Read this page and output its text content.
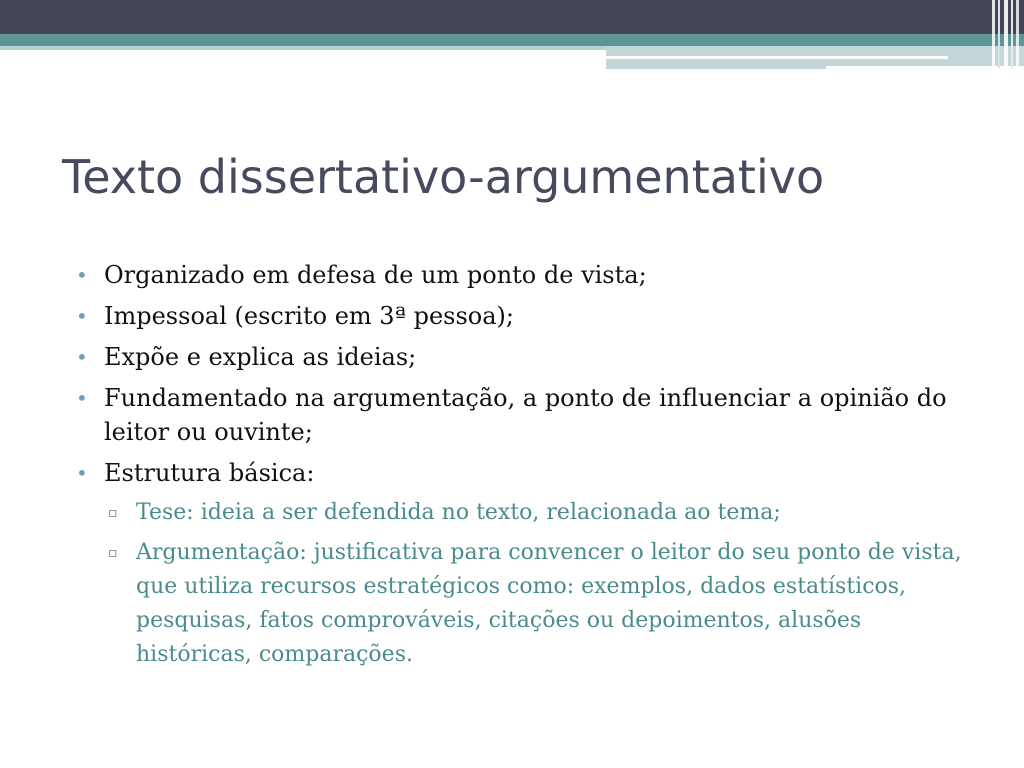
Texto dissertativo-argumentativo
• Organizado em defesa de um ponto de vista;
• Impessoal (escrito em 3ª pessoa);
• Expõe e explica as ideias;
• Fundamentado na argumentação, a ponto de influenciar a opinião do leitor ou ouvinte;
• Estrutura básica:
▫ Tese: ideia a ser defendida no texto, relacionada ao tema;
▫ Argumentação: justificativa para convencer o leitor do seu ponto de vista, que utiliza recursos estratégicos como: exemplos, dados estatísticos, pesquisas, fatos comprováveis, citações ou depoimentos, alusões históricas, comparações.
